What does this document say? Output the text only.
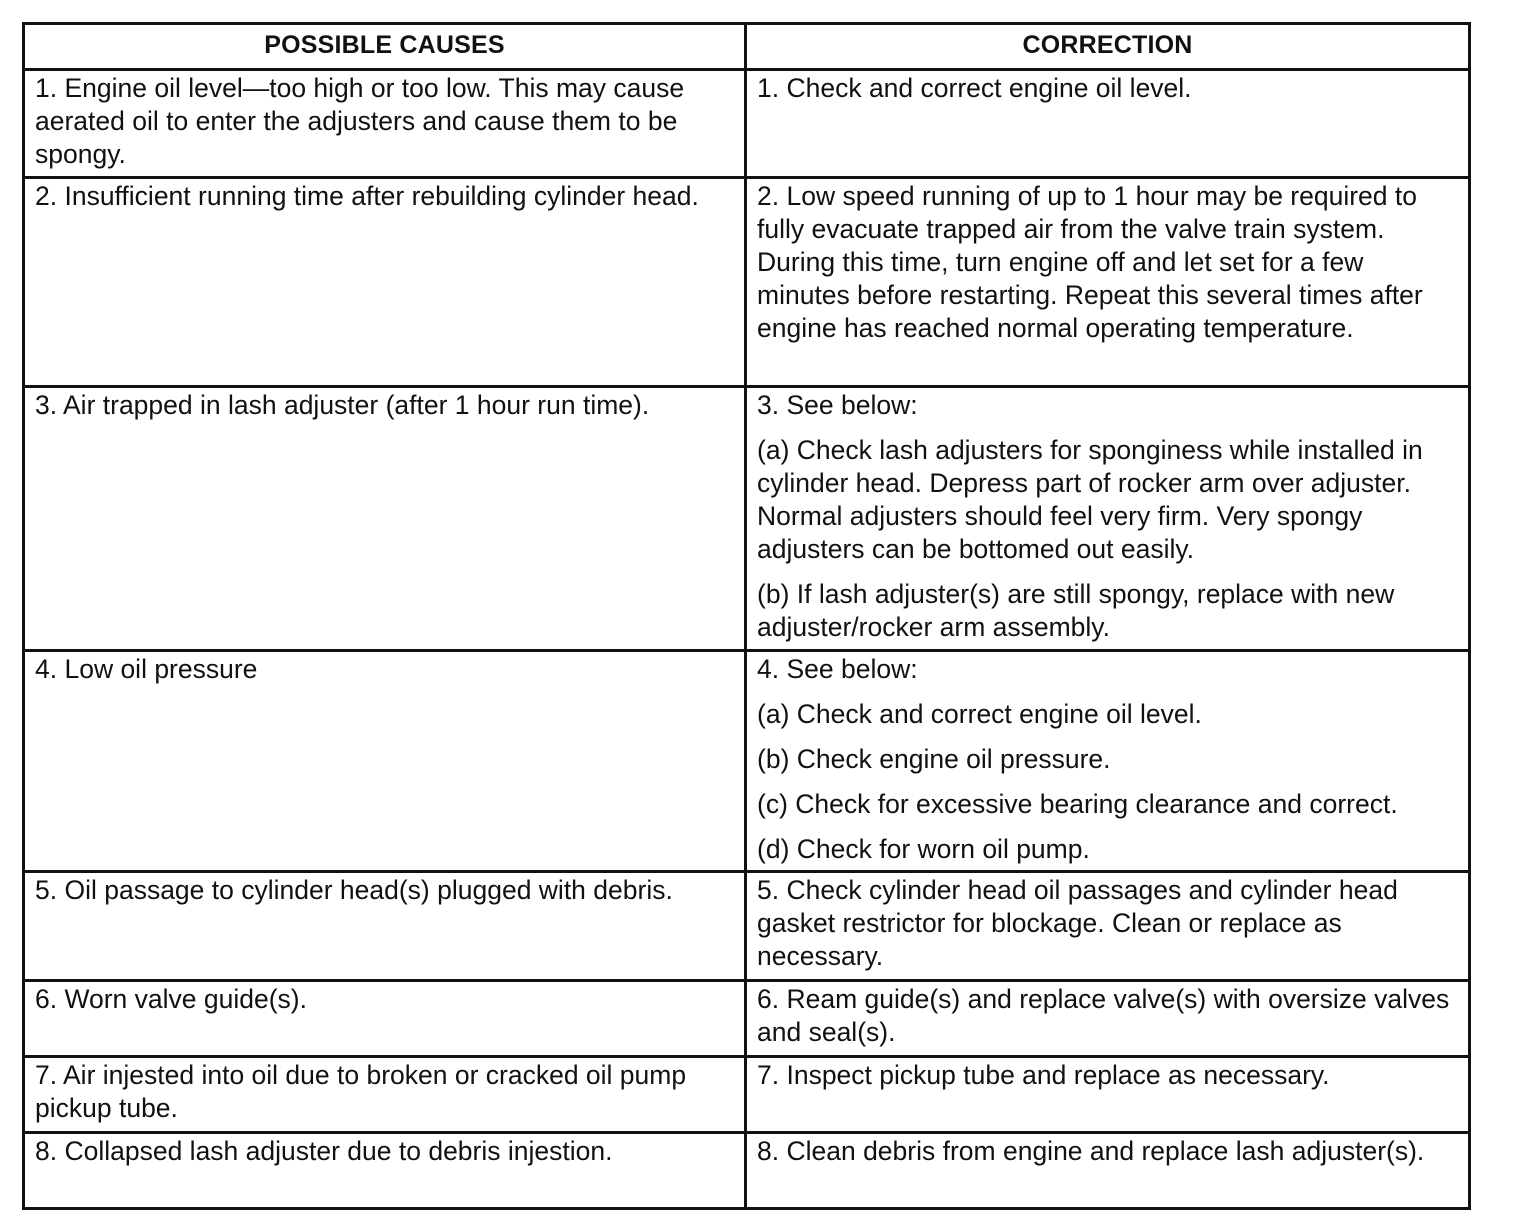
POSSIBLE CAUSES	CORRECTION
1. Engine oil level—too high or too low. This may cause aerated oil to enter the adjusters and cause them to be spongy.	1. Check and correct engine oil level.

2. Insufficient running time after rebuilding cylinder head.	2. Low speed running of up to 1 hour may be required to fully evacuate trapped air from the valve train system. During this time, turn engine off and let set for a few minutes before restarting. Repeat this several times after engine has reached normal operating temperature.

3. Air trapped in lash adjuster (after 1 hour run time).	3. See below:
(a) Check lash adjusters for sponginess while installed in cylinder head. Depress part of rocker arm over adjuster. Normal adjusters should feel very firm. Very spongy adjusters can be bottomed out easily.
(b) If lash adjuster(s) are still spongy, replace with new adjuster/rocker arm assembly.

4. Low oil pressure	4. See below:
(a) Check and correct engine oil level.
(b) Check engine oil pressure.
(c) Check for excessive bearing clearance and correct.
(d) Check for worn oil pump.

5. Oil passage to cylinder head(s) plugged with debris.	5. Check cylinder head oil passages and cylinder head gasket restrictor for blockage. Clean or replace as necessary.

6. Worn valve guide(s).	6. Ream guide(s) and replace valve(s) with oversize valves and seal(s).

7. Air injested into oil due to broken or cracked oil pump pickup tube.	7. Inspect pickup tube and replace as necessary.

8. Collapsed lash adjuster due to debris injestion.	8. Clean debris from engine and replace lash adjuster(s).
